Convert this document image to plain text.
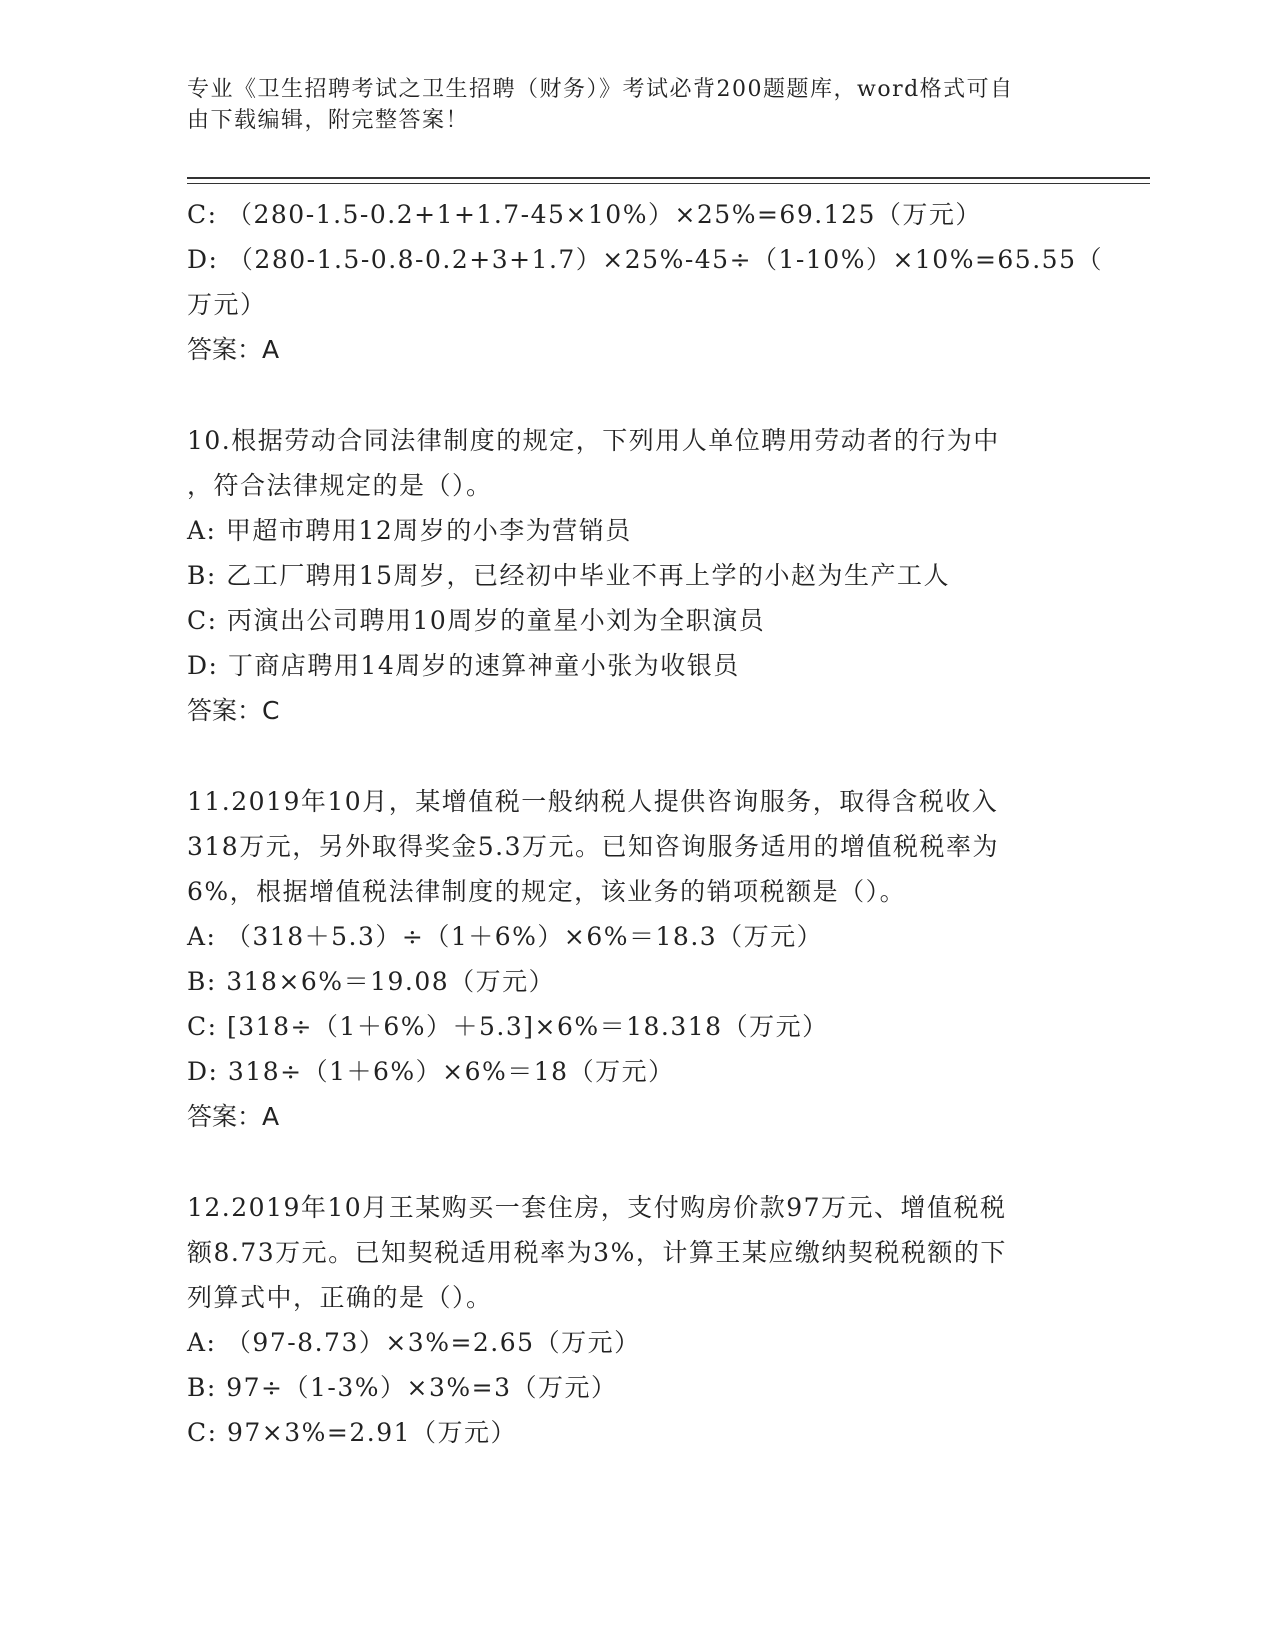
专业《卫生招聘考试之卫生招聘（财务）》考试必背200题题库，word格式可自
由下载编辑，附完整答案！
C: （280-1.5-0.2+1+1.7-45×10%）×25%=69.125（万元）
D: （280-1.5-0.8-0.2+3+1.7）×25%-45÷（1-10%）×10%=65.55（
万元）
答案：A
10.根据劳动合同法律制度的规定，下列用人单位聘用劳动者的行为中
，符合法律规定的是（）。
A: 甲超市聘用12周岁的小李为营销员
B: 乙工厂聘用15周岁，已经初中毕业不再上学的小赵为生产工人
C: 丙演出公司聘用10周岁的童星小刘为全职演员
D: 丁商店聘用14周岁的速算神童小张为收银员
答案：C
11.2019年10月，某增值税一般纳税人提供咨询服务，取得含税收入
318万元，另外取得奖金5.3万元。已知咨询服务适用的增值税税率为
6%，根据增值税法律制度的规定，该业务的销项税额是（）。
A: （318＋5.3）÷（1＋6%）×6%＝18.3（万元）
B: 318×6%＝19.08（万元）
C: [318÷（1＋6%）＋5.3]×6%＝18.318（万元）
D: 318÷（1＋6%）×6%＝18（万元）
答案：A
12.2019年10月王某购买一套住房，支付购房价款97万元、增值税税
额8.73万元。已知契税适用税率为3%，计算王某应缴纳契税税额的下
列算式中，正确的是（）。
A: （97-8.73）×3%=2.65（万元）
B: 97÷（1-3%）×3%=3（万元）
C: 97×3%=2.91（万元）
